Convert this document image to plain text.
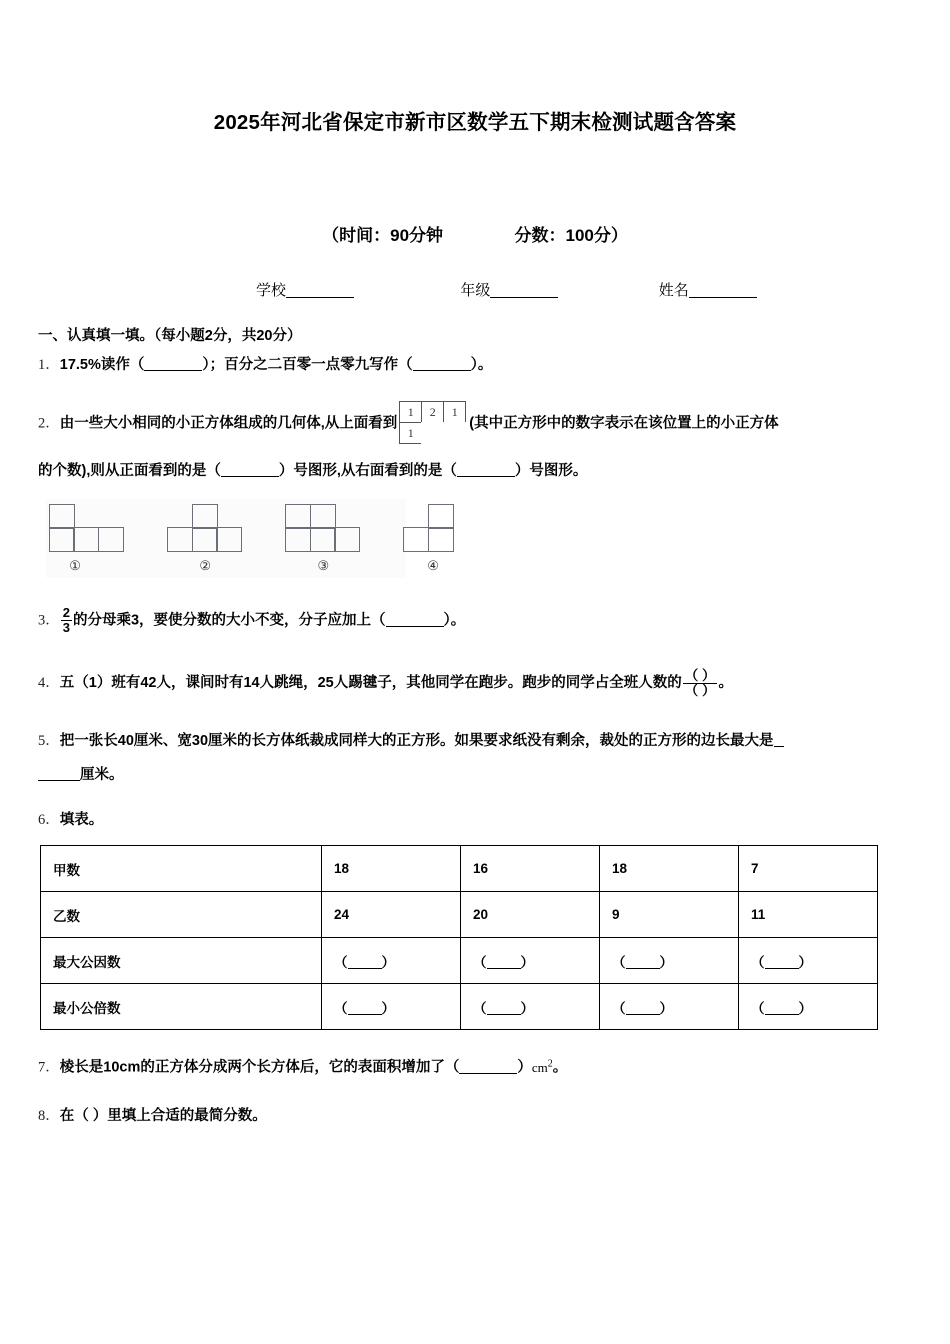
2025年河北省保定市新市区数学五下期末检测试题含答案
（时间：90分钟	分数：100分）
学校	年级	姓名
一、认真填一填。（每小题2分，共20分）
1．17.5%读作（	）；百分之二百零一点零九写作（	）。
2．由一些大小相同的小正方体组成的几何体,从上面看到
1	2	1
1
(其中正方形中的数字表示在该位置上的小正方体
的个数),则从正面看到的是（	）号图形,从右面看到的是（	）号图形。
①	②	③	④
3． $\frac{2}{3}$ 的分母乘3，要使分数的大小不变，分子应加上（	）。
4．五（1）班有42人，课间时有14人跳绳，25人踢毽子，其他同学在跑步。跑步的同学占全班人数的 $\frac{( )}{( )}$ 。
5．把一张长40厘米、宽30厘米的长方体纸裁成同样大的正方形。如果要求纸没有剩余，裁处的正方形的边长最大是
厘米。
6．填表。
甲数	18	16	18	7
乙数	24	20	9	11
最大公因数	（ ）	（ ）	（ ）	（ ）
最小公倍数	（ ）	（ ）	（ ）	（ ）
7．棱长是10cm的正方体分成两个长方体后，它的表面积增加了（	）$cm^2$。
8．在（ ）里填上合适的最简分数。
